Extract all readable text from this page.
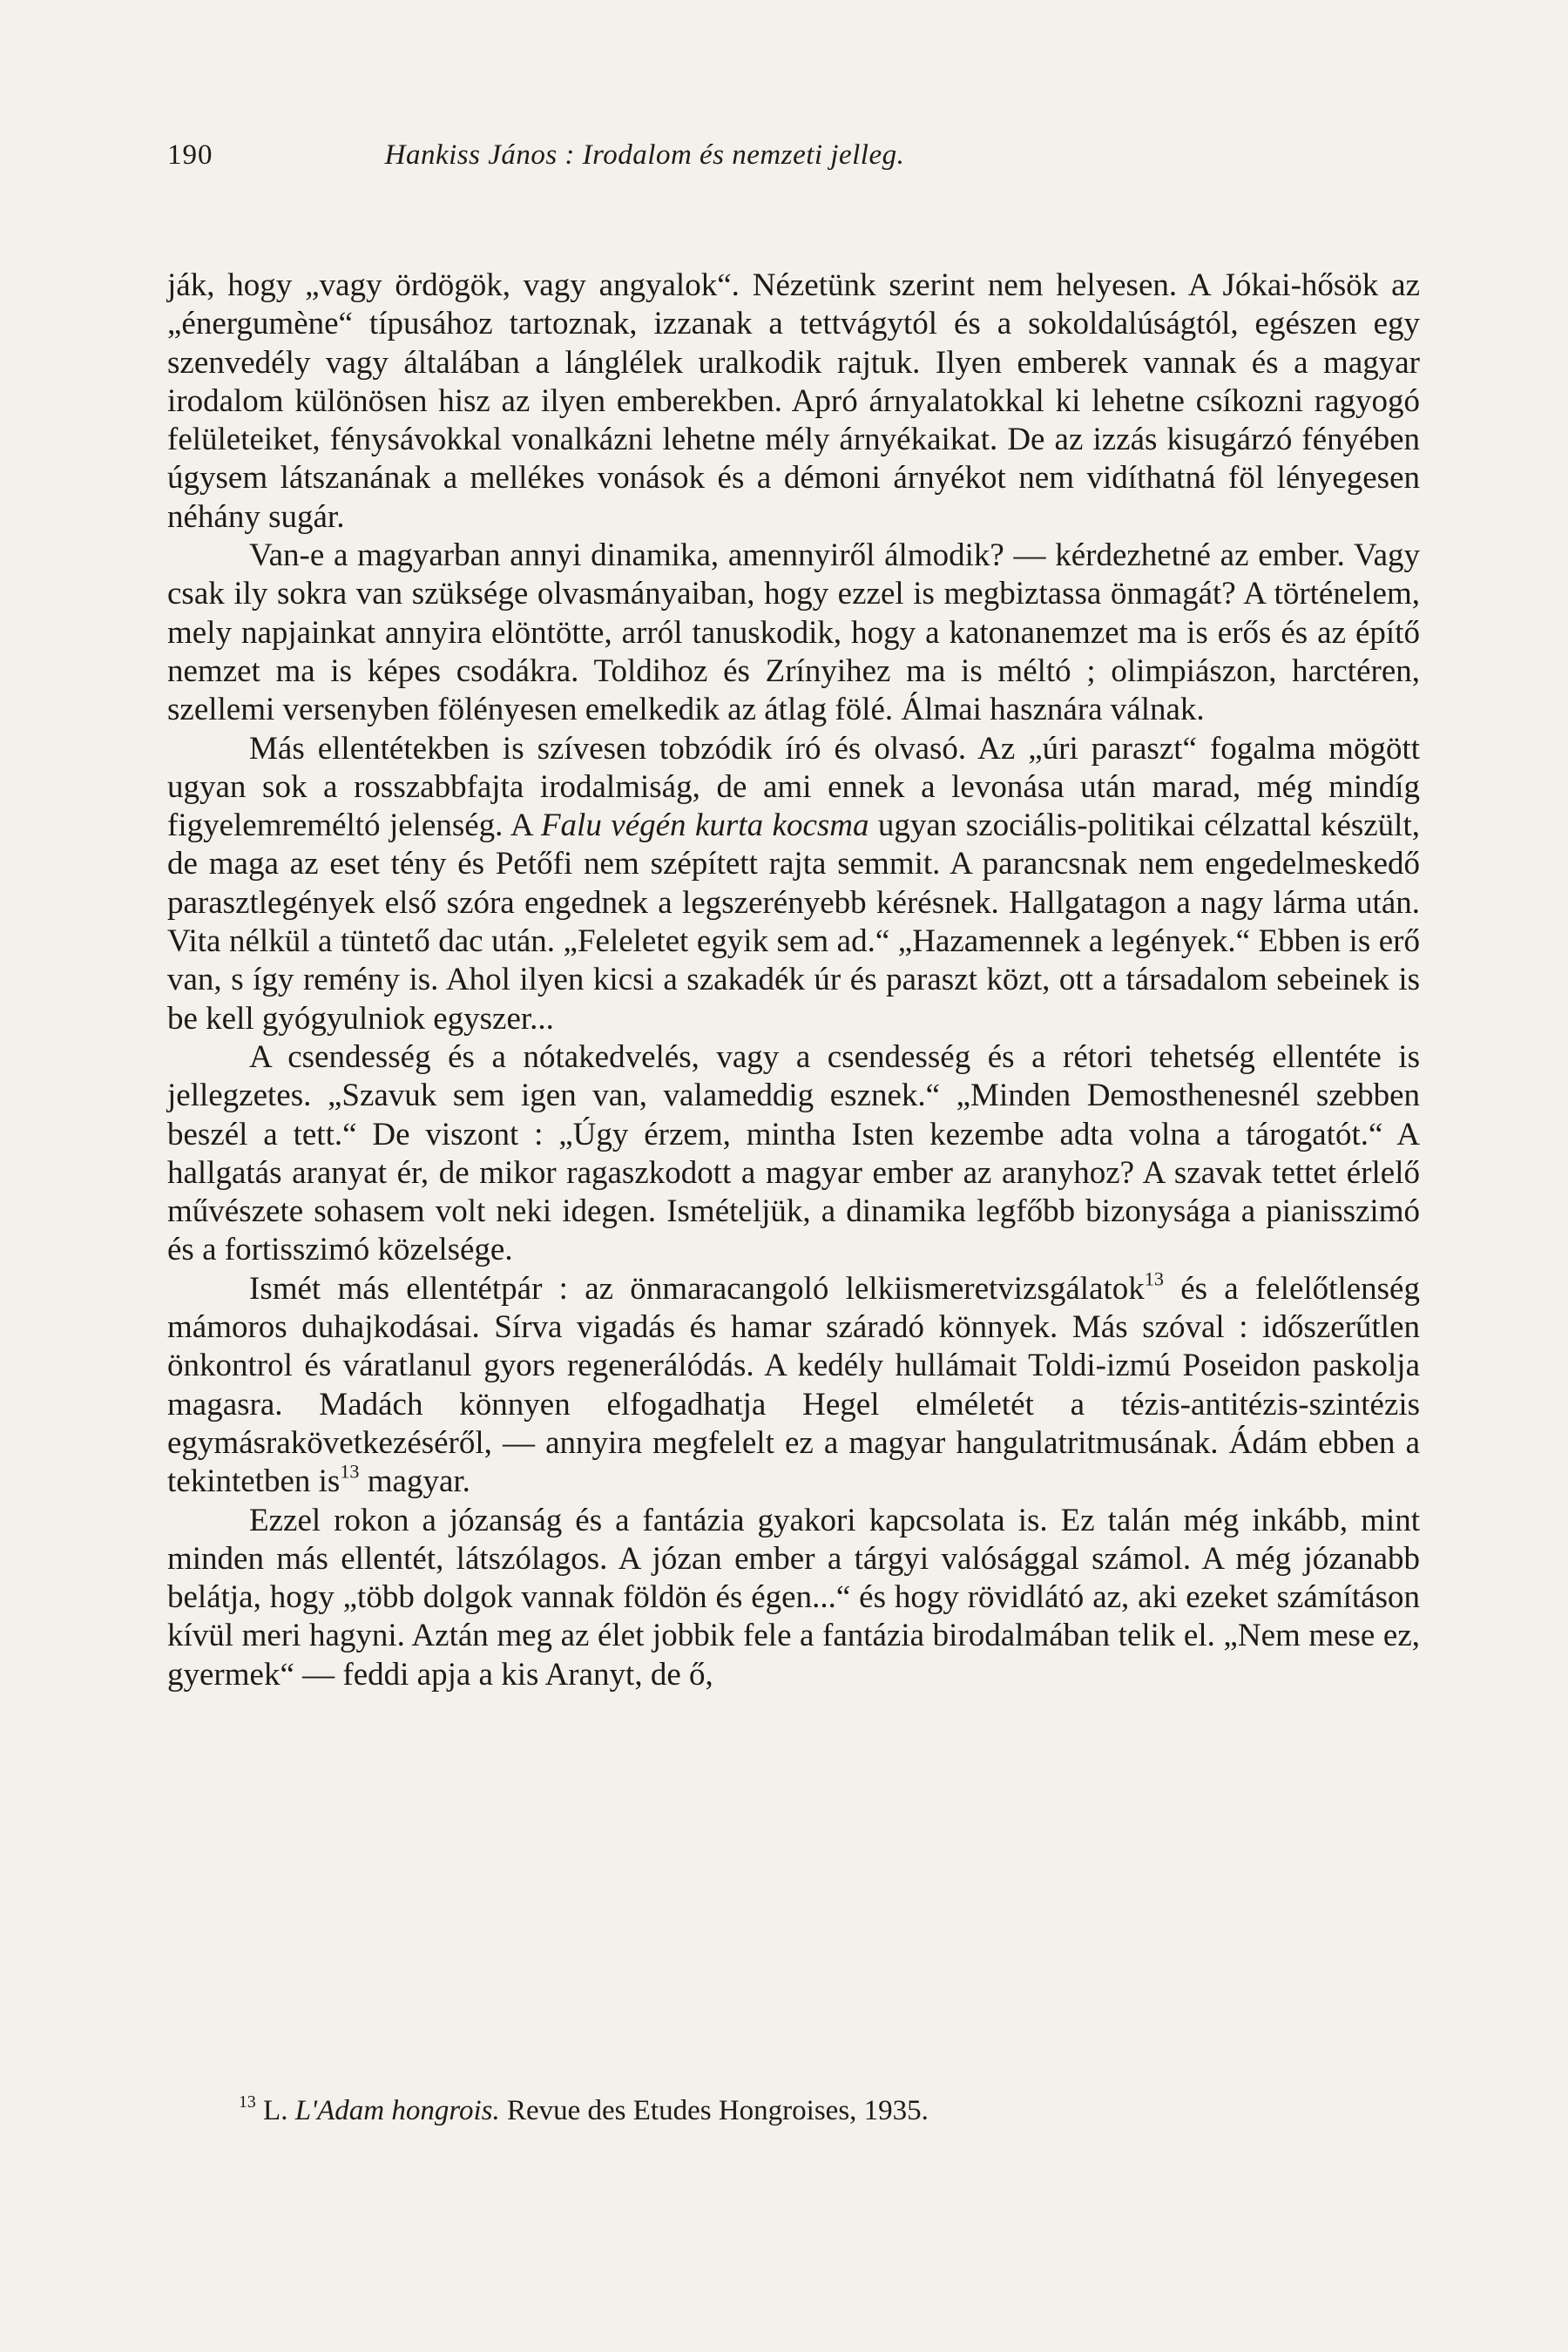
190	Hankiss János : Irodalom és nemzeti jelleg.

ják, hogy „vagy ördögök, vagy angyalok“. Nézetünk szerint nem helyesen. A Jókai-hősök az „énergumène“ típusához tartoznak, izzanak a tettvágytól és a sokoldalúságtól, egészen egy szenvedély vagy általában a lánglélek uralkodik rajtuk. Ilyen emberek vannak és a magyar irodalom különösen hisz az ilyen emberekben. Apró árnyalatokkal ki lehetne csíkozni ragyogó felületeiket, fénysávokkal vonalkázni lehetne mély árnyékaikat. De az izzás kisugárzó fényében úgysem látszanának a mellékes vonások és a démoni árnyékot nem vidíthatná föl lényegesen néhány sugár.

Van-e a magyarban annyi dinamika, amennyiről álmodik? — kérdezhetné az ember. Vagy csak ily sokra van szüksége olvasmányaiban, hogy ezzel is megbiztassa önmagát? A történelem, mely napjainkat annyira elöntötte, arról tanuskodik, hogy a katonanemzet ma is erős és az építő nemzet ma is képes csodákra. Toldihoz és Zrínyihez ma is méltó ; olimpiászon, harctéren, szellemi versenyben fölényesen emelkedik az átlag fölé. Álmai hasznára válnak.

Más ellentétekben is szívesen tobzódik író és olvasó. Az „úri paraszt“ fogalma mögött ugyan sok a rosszabbfajta irodalmiság, de ami ennek a levonása után marad, még mindíg figyelemreméltó jelenség. A Falu végén kurta kocsma ugyan szociális-politikai célzattal készült, de maga az eset tény és Petőfi nem szépített rajta semmit. A parancsnak nem engedelmeskedő parasztlegények első szóra engednek a legszerényebb kérésnek. Hallgatagon a nagy lárma után. Vita nélkül a tüntető dac után. „Feleletet egyik sem ad.“ „Hazamennek a legények.“ Ebben is erő van, s így remény is. Ahol ilyen kicsi a szakadék úr és paraszt közt, ott a társadalom sebeinek is be kell gyógyulniok egyszer...

A csendesség és a nótakedvelés, vagy a csendesség és a rétori tehetség ellentéte is jellegzetes. „Szavuk sem igen van, valameddig esznek.“ „Minden Demosthenesnél szebben beszél a tett.“ De viszont : „Úgy érzem, mintha Isten kezembe adta volna a tárogatót.“ A hallgatás aranyat ér, de mikor ragaszkodott a magyar ember az aranyhoz? A szavak tettet érlelő művészete sohasem volt neki idegen. Ismételjük, a dinamika legfőbb bizonysága a pianisszimó és a fortisszimó közelsége.

Ismét más ellentétpár : az önmaracangoló lelkiismeretvizsgálatok$^{13}$ és a felelőtlenség mámoros duhajkodásai. Sírva vigadás és hamar száradó könnyek. Más szóval : időszerűtlen önkontrol és váratlanul gyors regenerálódás. A kedély hullámait Toldi-izmú Poseidon paskolja magasra. Madách könnyen elfogadhatja Hegel elméletét a tézis-antitézis-szintézis egymásrakövetkezéséről, — annyira megfelelt ez a magyar hangulatritmusának. Ádám ebben a tekintetben $is^{13}$ magyar.

Ezzel rokon a józanság és a fantázia gyakori kapcsolata is. Ez talán még inkább, mint minden más ellentét, látszólagos. A józan ember a tárgyi valósággal számol. A még józanabb belátja, hogy „több dolgok vannak földön és égen...“ és hogy rövidlátó az, aki ezeket számításon kívül meri hagyni. Aztán meg az élet jobbik fele a fantázia birodalmában telik el. „Nem mese ez, gyermek“ — feddi apja a kis Aranyt, de ő,

$^{13}$ L. L'Adam hongrois. Revue des Etudes Hongroises, 1935.
